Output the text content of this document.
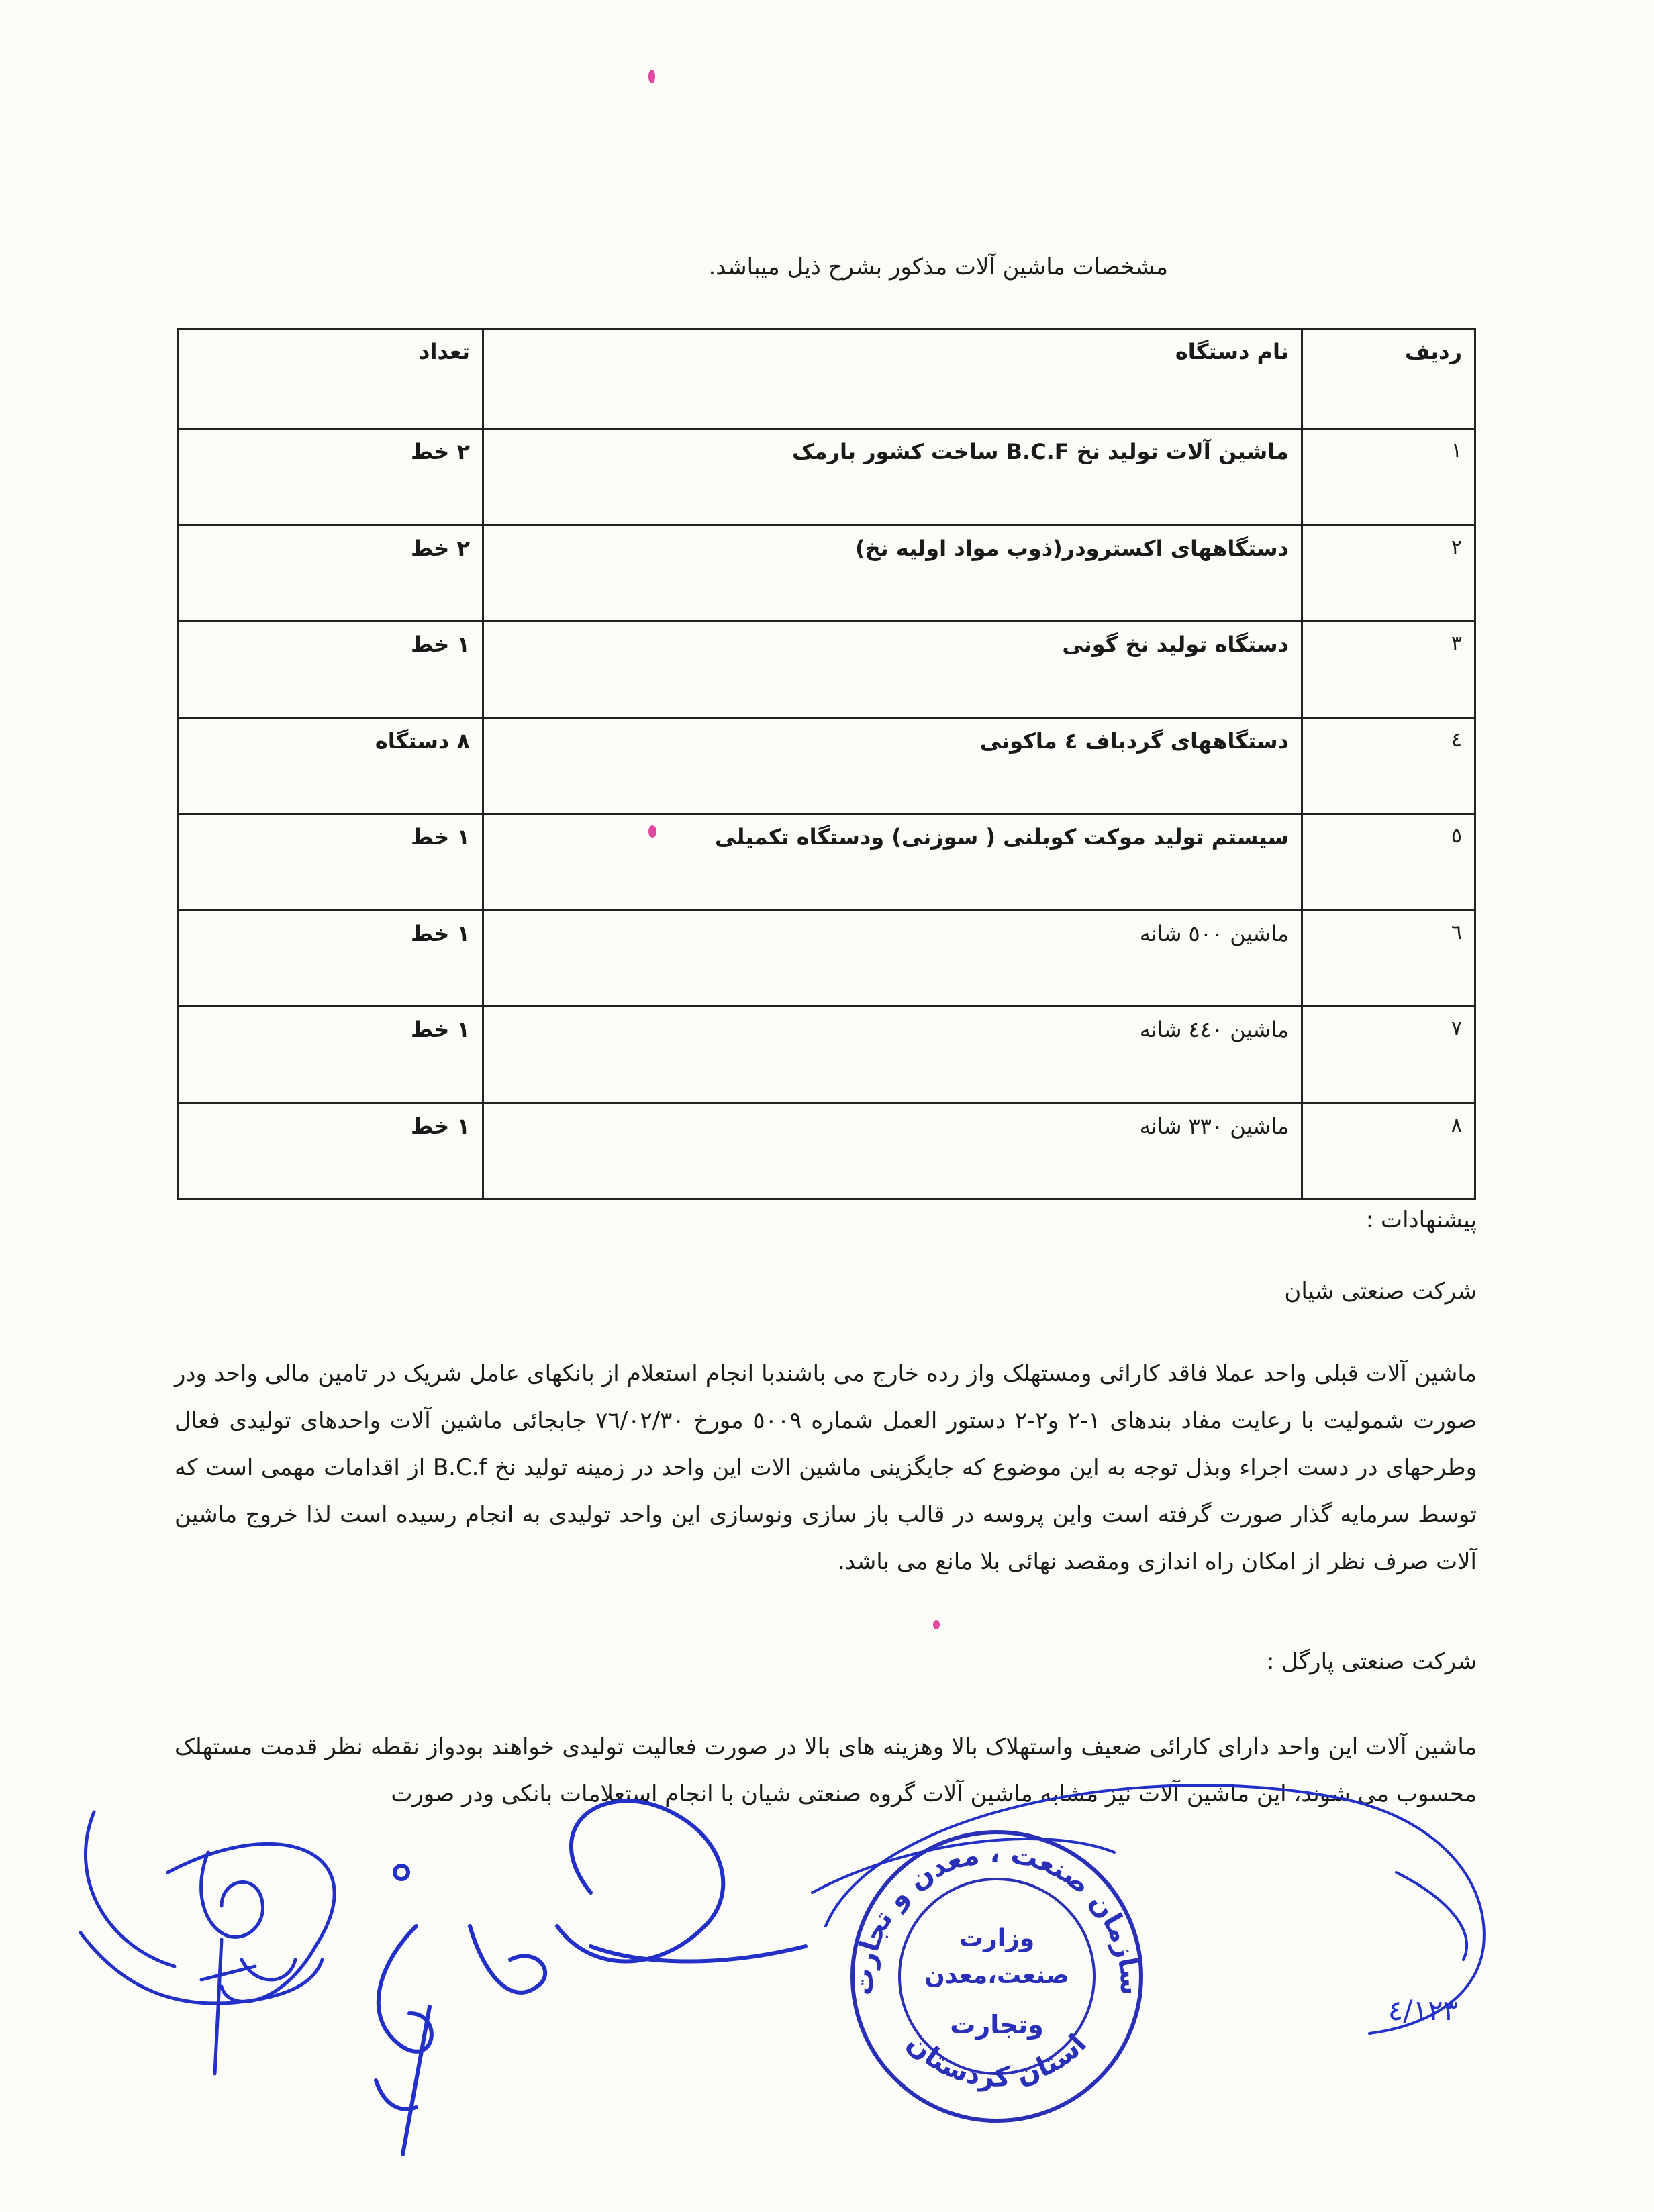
مشخصات ماشین آلات مذکور بشرح ذیل میباشد.
ردیف	نام دستگاه	تعداد
۱	ماشین آلات تولید نخ B.C.F ساخت کشور بارمک	۲ خط
۲	دستگاههای اکسترودر(ذوب مواد اولیه نخ)	۲ خط
۳	دستگاه تولید نخ گونی	۱ خط
٤	دستگاههای گردباف ٤ ماکونی	۸ دستگاه
٥	سیستم تولید موکت کوبلنی ( سوزنی) ودستگاه تکمیلی	۱ خط
٦	ماشین ٥٠٠ شانه	۱ خط
۷	ماشین ٤٤٠ شانه	۱ خط
۸	ماشین ۳۳۰ شانه	۱ خط
پیشنهادات :
شرکت صنعتی شیان
ماشین آلات قبلی واحد عملا فاقد کارائی ومستهلک واز رده خارج می باشندبا انجام استعلام از بانکهای عامل شریک در تامین مالی واحد ودر صورت شمولیت با رعایت مفاد بندهای ۱-۲ و۲-۲ دستور العمل شماره ٥٠٠۹ مورخ ۷٦/۰۲/۳۰ جابجائی ماشین آلات واحدهای تولیدی فعال وطرحهای در دست اجراء وبذل توجه به این موضوع که جایگزینی ماشین الات این واحد در زمینه تولید نخ B.C.f از اقدامات مهمی است که توسط سرمایه گذار صورت گرفته است واین پروسه در قالب باز سازی ونوسازی این واحد تولیدی به انجام رسیده است لذا خروج ماشین آلات صرف نظر از امکان راه اندازی ومقصد نهائی بلا مانع می باشد.
شرکت صنعتی پارگل :
ماشین آلات این واحد دارای کارائی ضعیف واستهلاک بالا وهزینه های بالا در صورت فعالیت تولیدی خواهند بودواز نقطه نظر قدمت مستهلک محسوب می شوند، این ماشین آلات نیز مشابه ماشین آلات گروه صنعتی شیان با انجام استعلامات بانکی ودر صورت
٤/١٢٣
سازمان صنعت ، معدن و تجارت
استان کردستان
وزارت
صنعت،معدن
وتجارت
